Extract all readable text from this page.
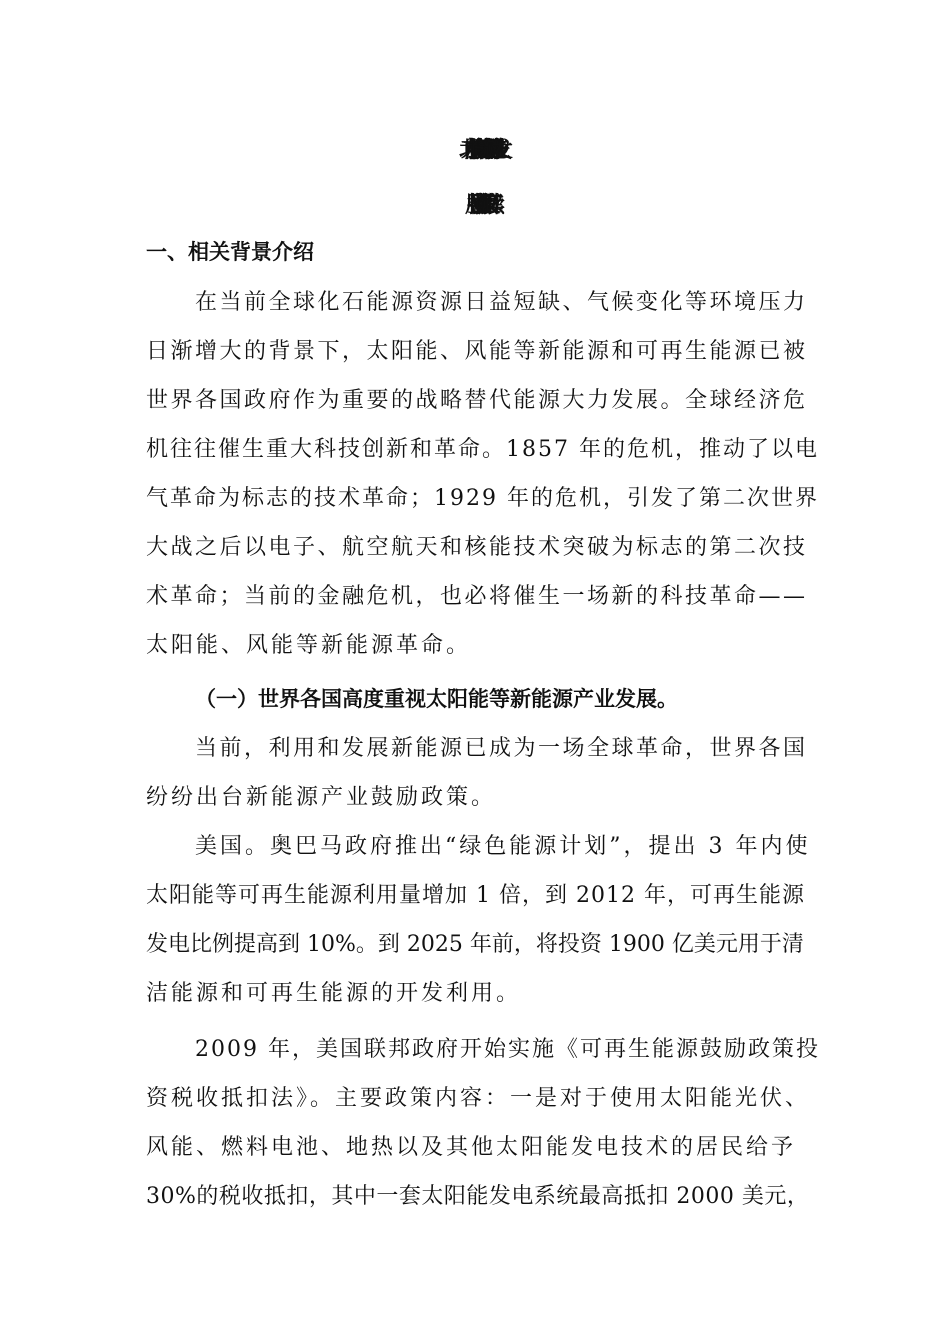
《北京市加快太阳能开发利用促进产业发
展指导意见》政策解读
一、相关背景介绍

在当前全球化石能源资源日益短缺、气候变化等环境压力

日渐增大的背景下，太阳能、风能等新能源和可再生能源已被

世界各国政府作为重要的战略替代能源大力发展。全球经济危

机往往催生重大科技创新和革命。1857 年的危机，推动了以电

气革命为标志的技术革命；1929 年的危机，引发了第二次世界

大战之后以电子、航空航天和核能技术突破为标志的第二次技

术革命；当前的金融危机，也必将催生一场新的科技革命——

太阳能、风能等新能源革命。

（一）世界各国高度重视太阳能等新能源产业发展。

当前，利用和发展新能源已成为一场全球革命，世界各国

纷纷出台新能源产业鼓励政策。

美国。奥巴马政府推出“绿色能源计划”，提出 3 年内使

太阳能等可再生能源利用量增加 1 倍，到 2012 年，可再生能源

发电比例提高到 10%。到 2025 年前，将投资 1900 亿美元用于清

洁能源和可再生能源的开发利用。

2009 年，美国联邦政府开始实施《可再生能源鼓励政策投

资税收抵扣法》。主要政策内容：一是对于使用太阳能光伏、

风能、燃料电池、地热以及其他太阳能发电技术的居民给予

30%的税收抵扣，其中一套太阳能发电系统最高抵扣 2000 美元，
